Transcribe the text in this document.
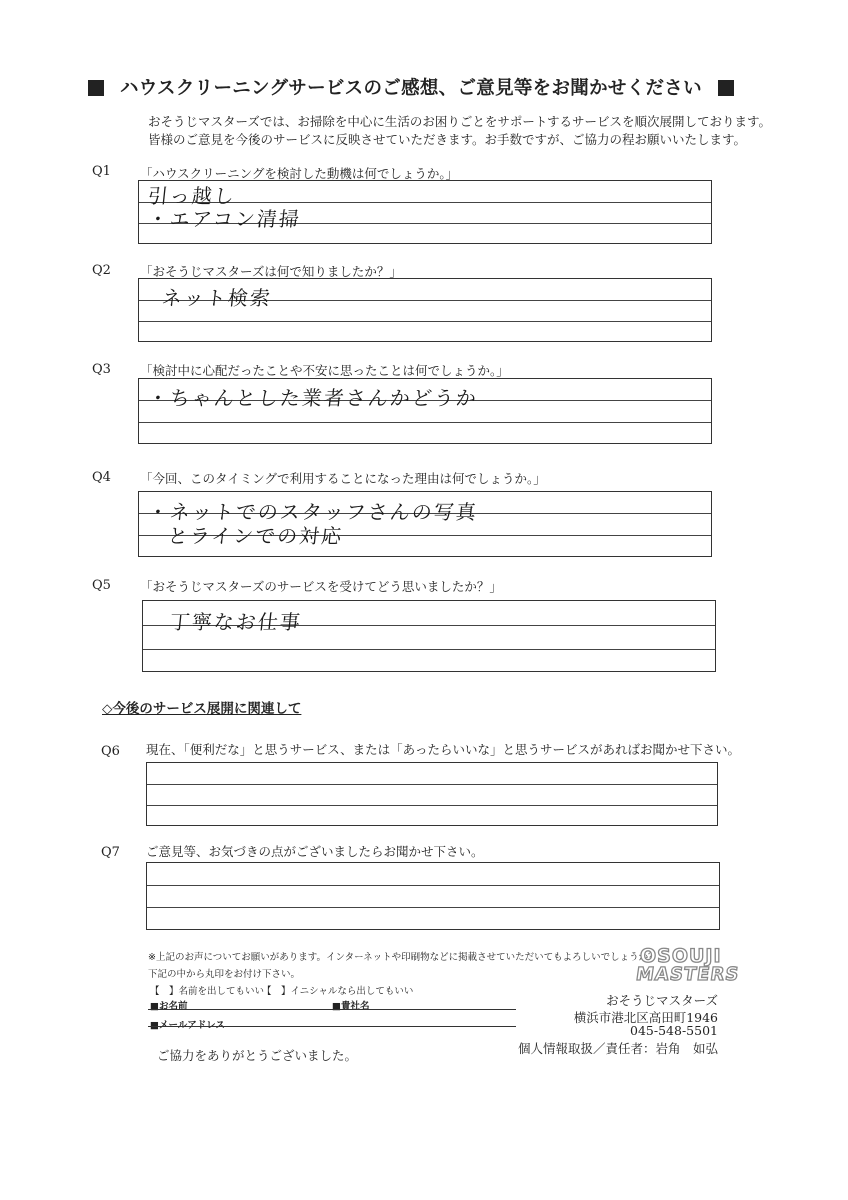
ハウスクリーニングサービスのご感想、ご意見等をお聞かせください
おそうじマスターズでは、お掃除を中心に生活のお困りごとをサポートするサービスを順次展開しております。
皆様のご意見を今後のサービスに反映させていただきます。お手数ですが、ご協力の程お願いいたします。
Q1 「ハウスクリーニングを検討した動機は何でしょうか。」
引っ越し
・エアコン清掃
Q2 「おそうじマスターズは何で知りましたか？」
ネット検索
Q3 「検討中に心配だったことや不安に思ったことは何でしょうか。」
・ちゃんとした業者さんかどうか
Q4 「今回、このタイミングで利用することになった理由は何でしょうか。」
・ネットでのスタッフさんの写真
とラインでの対応
Q5 「おそうじマスターズのサービスを受けてどう思いましたか？」
丁寧なお仕事
◇今後のサービス展開に関連して
Q6 現在、「便利だな」と思うサービス、または「あったらいいな」と思うサービスがあればお聞かせ下さい。
Q7 ご意見等、お気づきの点がございましたらお聞かせ下さい。
※上記のお声についてお願いがあります。インターネットや印刷物などに掲載させていただいてもよろしいでしょうか？
下記の中から丸印をお付け下さい。
【　】名前を出してもいい
【　】イニシャルなら出してもいい
■お名前	■貴社名
■メールアドレス
ご協力をありがとうございました。
OSOUJI
MASTERS
おそうじマスターズ
横浜市港北区高田町1946
045-548-5501
個人情報取扱／責任者：岩角　如弘
